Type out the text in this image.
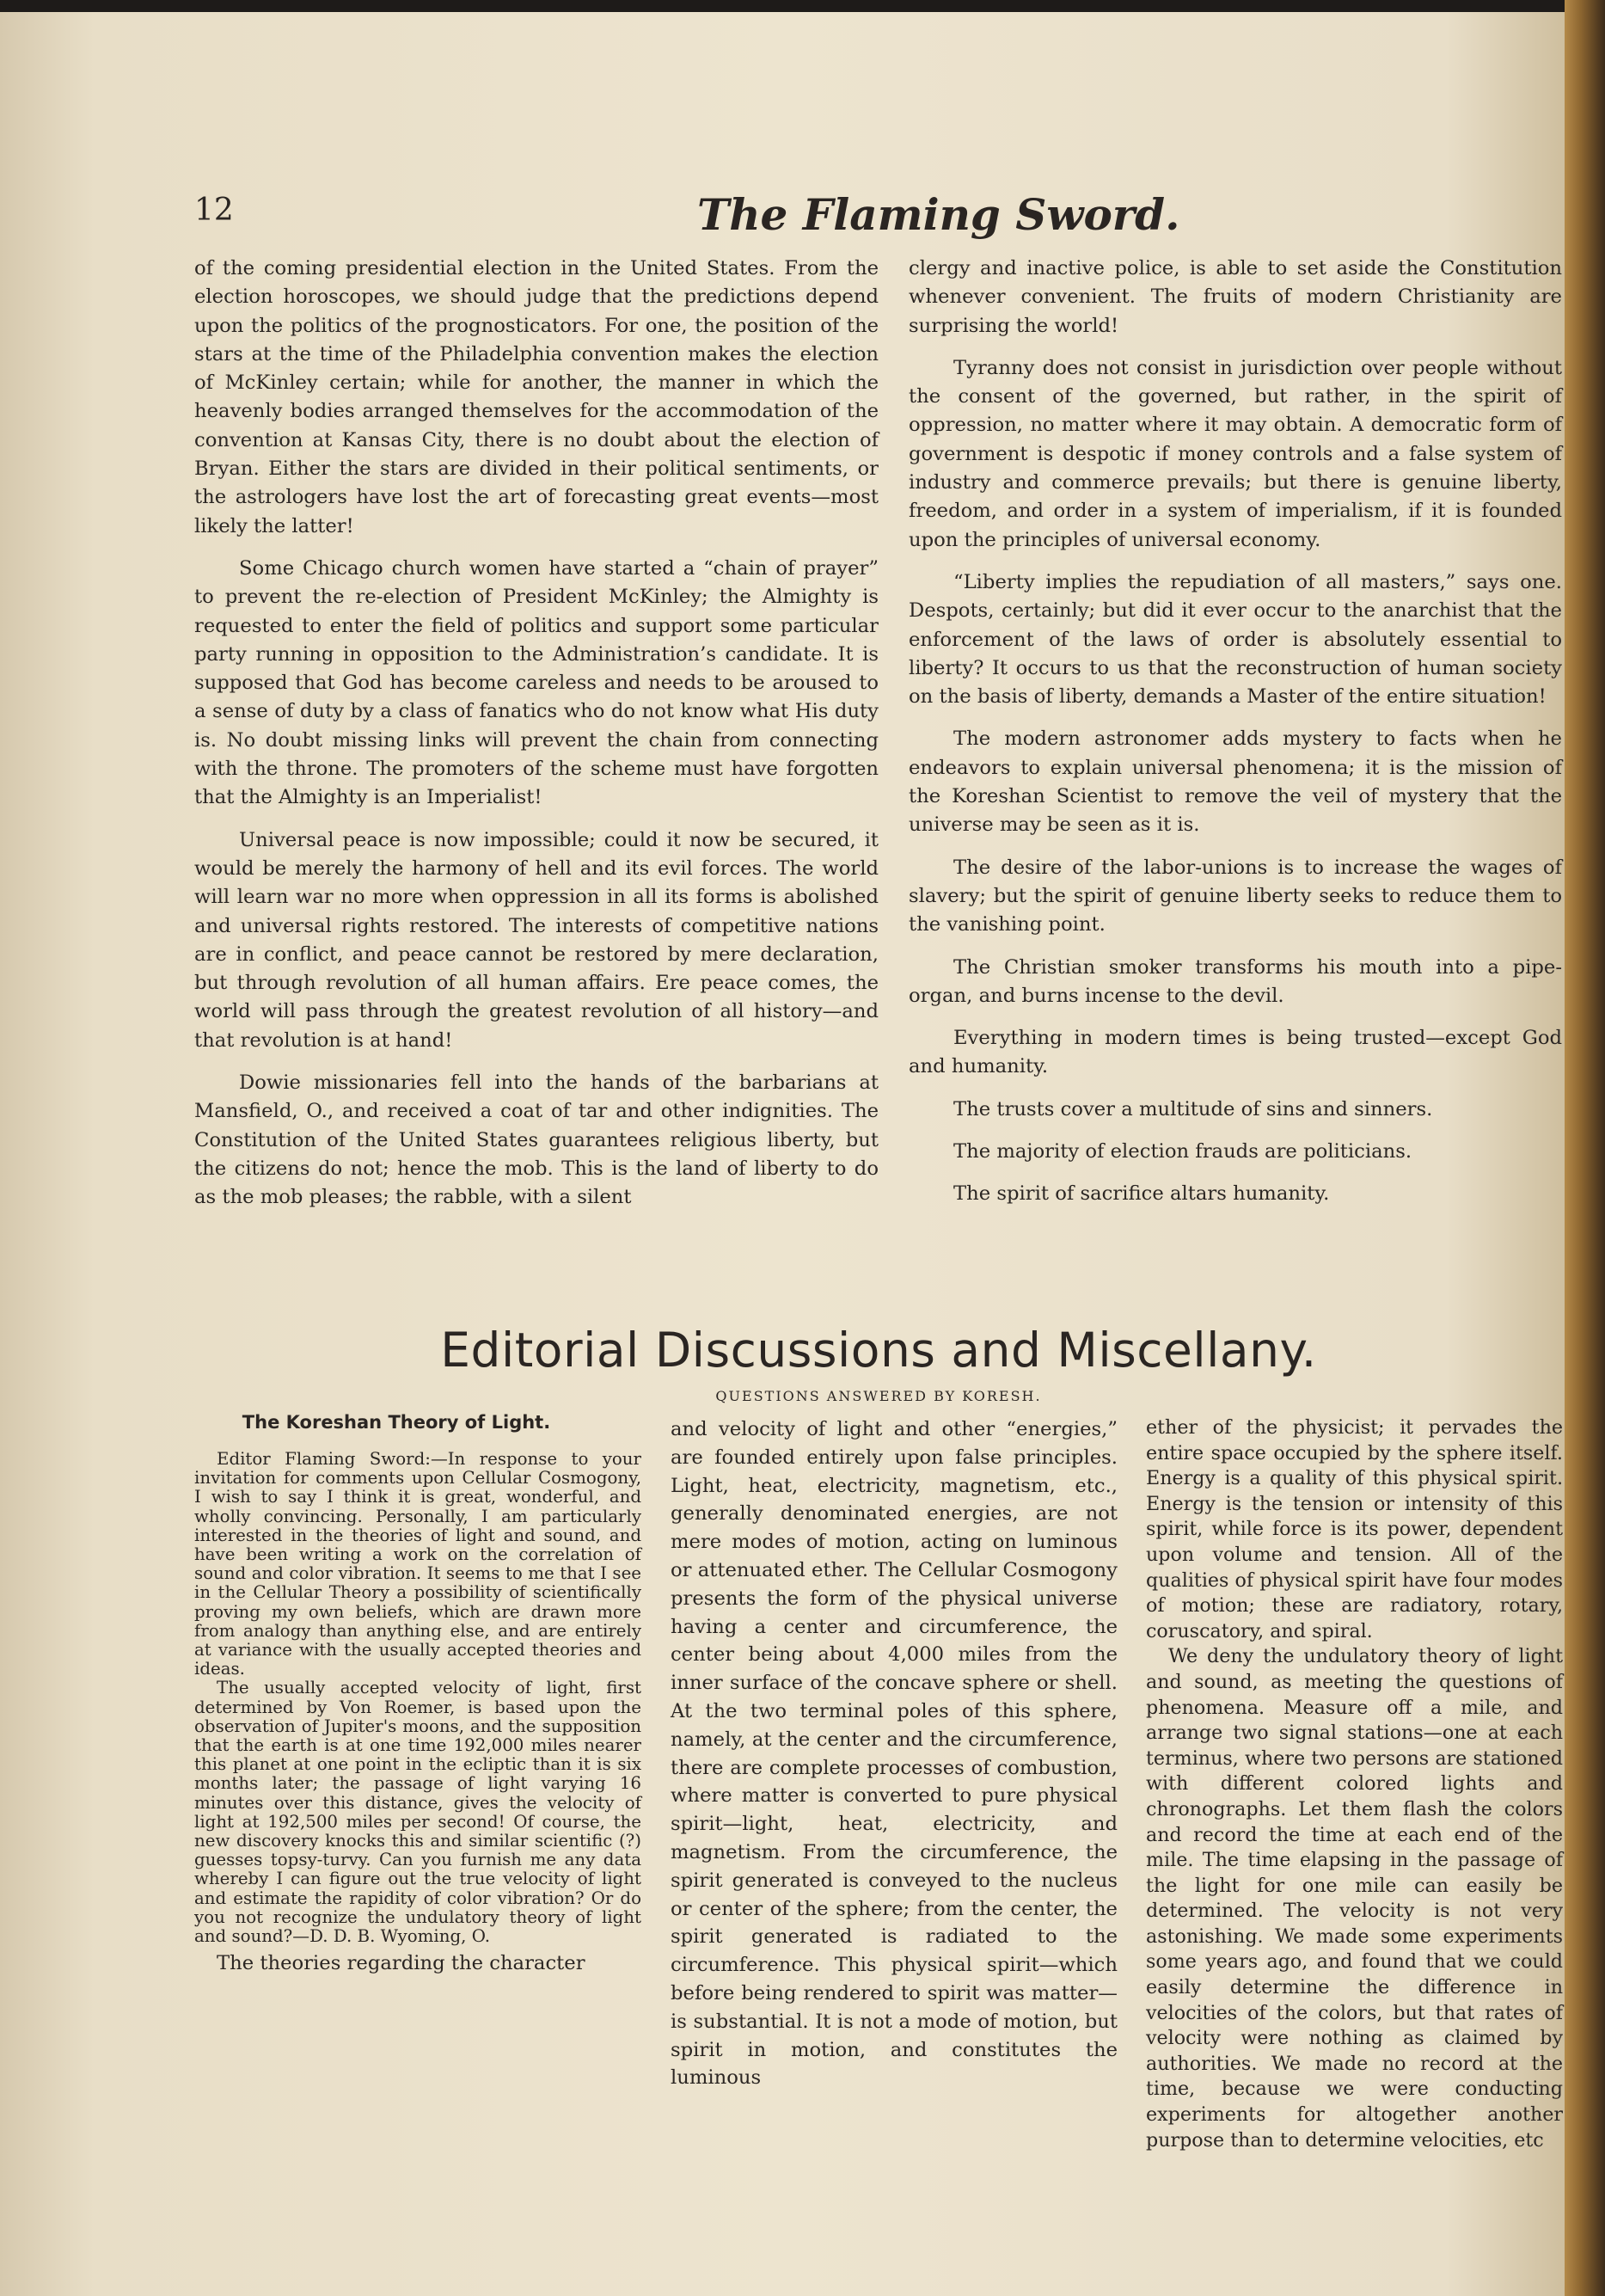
12	The Flaming Sword.

of the coming presidential election in the United States. From the election horoscopes, we should judge that the predictions depend upon the politics of the prognosticators. For one, the position of the stars at the time of the Philadelphia convention makes the election of McKinley certain; while for another, the manner in which the heavenly bodies arranged themselves for the accommodation of the convention at Kansas City, there is no doubt about the election of Bryan. Either the stars are divided in their political sentiments, or the astrologers have lost the art of forecasting great events—most likely the latter!

Some Chicago church women have started a “chain of prayer” to prevent the re-election of President McKinley; the Almighty is requested to enter the field of politics and support some particular party running in opposition to the Administration’s candidate. It is supposed that God has become careless and needs to be aroused to a sense of duty by a class of fanatics who do not know what His duty is. No doubt missing links will prevent the chain from connecting with the throne. The promoters of the scheme must have forgotten that the Almighty is an Imperialist!

Universal peace is now impossible; could it now be secured, it would be merely the harmony of hell and its evil forces. The world will learn war no more when oppression in all its forms is abolished and universal rights restored. The interests of competitive nations are in conflict, and peace cannot be restored by mere declaration, but through revolution of all human affairs. Ere peace comes, the world will pass through the greatest revolution of all history—and that revolution is at hand!

Dowie missionaries fell into the hands of the barbarians at Mansfield, O., and received a coat of tar and other indignities. The Constitution of the United States guarantees religious liberty, but the citizens do not; hence the mob. This is the land of liberty to do as the mob pleases; the rabble, with a silent

clergy and inactive police, is able to set aside the Constitution whenever convenient. The fruits of modern Christianity are surprising the world!

Tyranny does not consist in jurisdiction over people without the consent of the governed, but rather, in the spirit of oppression, no matter where it may obtain. A democratic form of government is despotic if money controls and a false system of industry and commerce prevails; but there is genuine liberty, freedom, and order in a system of imperialism, if it is founded upon the principles of universal economy.

“Liberty implies the repudiation of all masters,” says one. Despots, certainly; but did it ever occur to the anarchist that the enforcement of the laws of order is absolutely essential to liberty? It occurs to us that the reconstruction of human society on the basis of liberty, demands a Master of the entire situation!

The modern astronomer adds mystery to facts when he endeavors to explain universal phenomena; it is the mission of the Koreshan Scientist to remove the veil of mystery that the universe may be seen as it is.

The desire of the labor-unions is to increase the wages of slavery; but the spirit of genuine liberty seeks to reduce them to the vanishing point.

The Christian smoker transforms his mouth into a pipe-organ, and burns incense to the devil.

Everything in modern times is being trusted—except God and humanity.

The trusts cover a multitude of sins and sinners.

The majority of election frauds are politicians.

The spirit of sacrifice altars humanity.

Editorial Discussions and Miscellany.
QUESTIONS ANSWERED BY KORESH.
The Koreshan Theory of Light.

Editor Flaming Sword:—In response to your invitation for comments upon Cellular Cosmogony, I wish to say I think it is great, wonderful, and wholly convincing. Personally, I am particularly interested in the theories of light and sound, and have been writing a work on the correlation of sound and color vibration. It seems to me that I see in the Cellular Theory a possibility of scientifically proving my own beliefs, which are drawn more from analogy than anything else, and are entirely at variance with the usually accepted theories and ideas.

The usually accepted velocity of light, first determined by Von Roemer, is based upon the observation of Jupiter's moons, and the supposition that the earth is at one time 192,000 miles nearer this planet at one point in the ecliptic than it is six months later; the passage of light varying 16 minutes over this distance, gives the velocity of light at 192,500 miles per second! Of course, the new discovery knocks this and similar scientific (?) guesses topsy-turvy. Can you furnish me any data whereby I can figure out the true velocity of light and estimate the rapidity of color vibration? Or do you not recognize the undulatory theory of light and sound?—D. D. B. Wyoming, O.

The theories regarding the character

and velocity of light and other “energies,” are founded entirely upon false principles. Light, heat, electricity, magnetism, etc., generally denominated energies, are not mere modes of motion, acting on luminous or attenuated ether. The Cellular Cosmogony presents the form of the physical universe having a center and circumference, the center being about 4,000 miles from the inner surface of the concave sphere or shell. At the two terminal poles of this sphere, namely, at the center and the circumference, there are complete processes of combustion, where matter is converted to pure physical spirit—light, heat, electricity, and magnetism. From the circumference, the spirit generated is conveyed to the nucleus or center of the sphere; from the center, the spirit generated is radiated to the circumference. This physical spirit—which before being rendered to spirit was matter—is substantial. It is not a mode of motion, but spirit in motion, and constitutes the luminous

ether of the physicist; it pervades the entire space occupied by the sphere itself. Energy is a quality of this physical spirit. Energy is the tension or intensity of this spirit, while force is its power, dependent upon volume and tension. All of the qualities of physical spirit have four modes of motion; these are radiatory, rotary, coruscatory, and spiral.

We deny the undulatory theory of light and sound, as meeting the questions of phenomena. Measure off a mile, and arrange two signal stations—one at each terminus, where two persons are stationed with different colored lights and chronographs. Let them flash the colors and record the time at each end of the mile. The time elapsing in the passage of the light for one mile can easily be determined. The velocity is not very astonishing. We made some experiments some years ago, and found that we could easily determine the difference in velocities of the colors, but that rates of velocity were nothing as claimed by authorities. We made no record at the time, because we were conducting experiments for altogether another purpose than to determine velocities, etc
